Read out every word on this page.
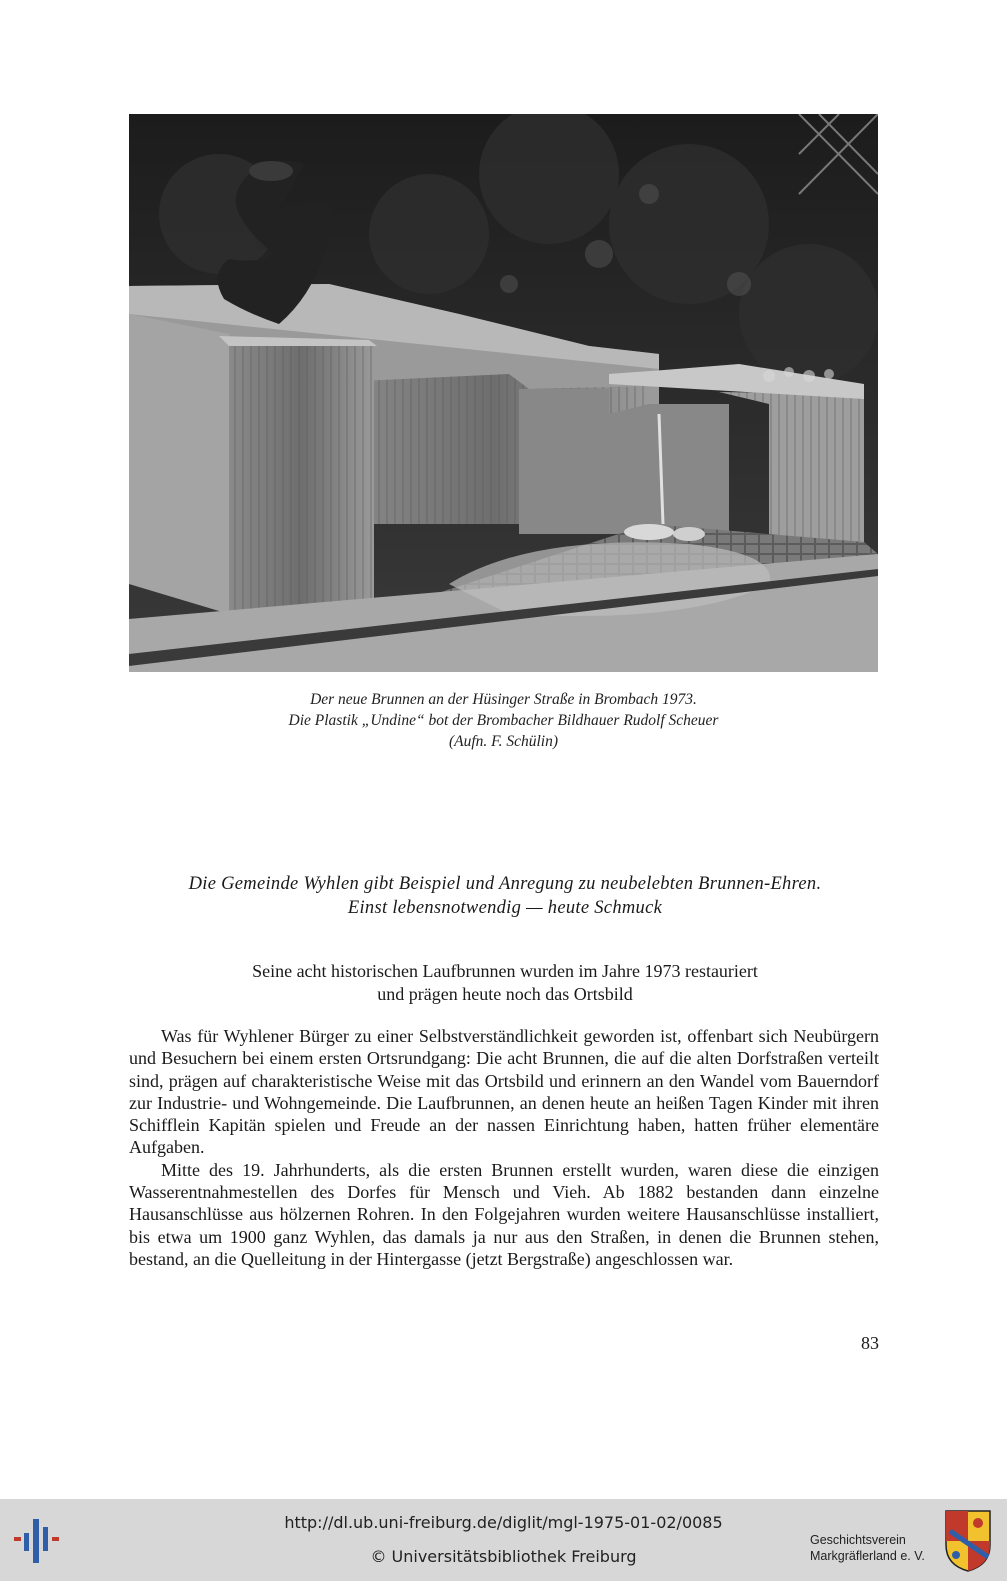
Der neue Brunnen an der Hüsinger Straße in Brombach 1973.
Die Plastik „Undine“ bot der Brombacher Bildhauer Rudolf Scheuer
(Aufn. F. Schülin)
Die Gemeinde Wyhlen gibt Beispiel und Anregung zu neubelebten Brunnen-Ehren.
Einst lebensnotwendig — heute Schmuck
Seine acht historischen Laufbrunnen wurden im Jahre 1973 restauriert
und prägen heute noch das Ortsbild

Was für Wyhlener Bürger zu einer Selbstverständlichkeit geworden ist, offenbart sich Neubürgern und Besuchern bei einem ersten Ortsrundgang: Die acht Brunnen, die auf die alten Dorfstraßen verteilt sind, prägen auf charakteristische Weise mit das Ortsbild und erinnern an den Wandel vom Bauerndorf zur Industrie- und Wohngemeinde. Die Laufbrunnen, an denen heute an heißen Tagen Kinder mit ihren Schifflein Kapitän spielen und Freude an der nassen Einrichtung haben, hatten früher elementäre Aufgaben.

Mitte des 19. Jahrhunderts, als die ersten Brunnen erstellt wurden, waren diese die einzigen Wasserentnahmestellen des Dorfes für Mensch und Vieh. Ab 1882 bestanden dann einzelne Hausanschlüsse aus hölzernen Rohren. In den Folgejahren wurden weitere Hausanschlüsse installiert, bis etwa um 1900 ganz Wyhlen, das damals ja nur aus den Straßen, in denen die Brunnen stehen, bestand, an die Quelleitung in der Hintergasse (jetzt Bergstraße) angeschlossen war.

83
http://dl.ub.uni-freiburg.de/diglit/mgl-1975-01-02/0085
© Universitätsbibliothek Freiburg
Geschichtsverein
Markgräflerland e. V.
